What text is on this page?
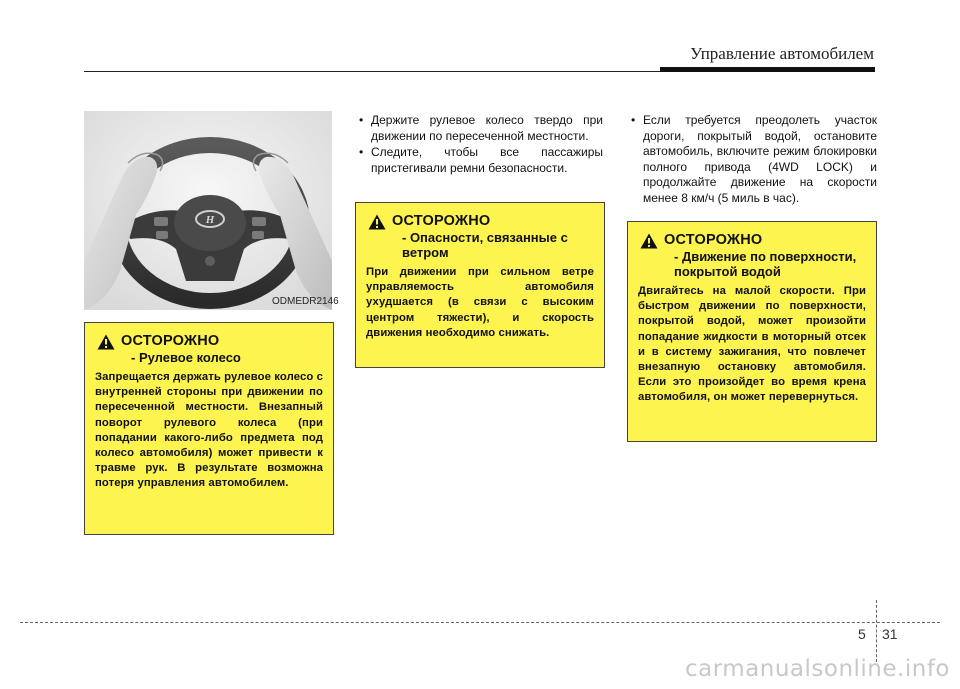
Управление автомобилем
H
ODMEDR2146
• Держите рулевое колесо твердо при движении по пересеченной местности.
• Следите, чтобы все пассажиры пристегивали ремни безопасности.
• Если требуется преодолеть участок дороги, покрытый водой, остановите автомобиль, включите режим блокировки полного привода (4WD LOCK) и продолжайте движение на скорости менее 8 км/ч (5 миль в час).
ОСТОРОЖНО
- Рулевое колесо
Запрещается держать рулевое колесо с внутренней стороны при движении по пересеченной местности. Внезапный поворот рулевого колеса (при попадании какого-либо предмета под колесо автомобиля) может привести к травме рук. В результате возможна потеря управления автомобилем.
ОСТОРОЖНО
- Опасности, связанные с ветром
При движении при сильном ветре управляемость автомобиля ухудшается (в связи с высоким центром тяжести), и скорость движения необходимо снижать.
ОСТОРОЖНО
- Движение по поверхности, покрытой водой
Двигайтесь на малой скорости. При быстром движении по поверхности, покрытой водой, может произойти попадание жидкости в моторный отсек и в систему зажигания, что повлечет внезапную остановку автомобиля. Если это произойдет во время крена автомобиля, он может перевернуться.
5 31
carmanualsonline.info
